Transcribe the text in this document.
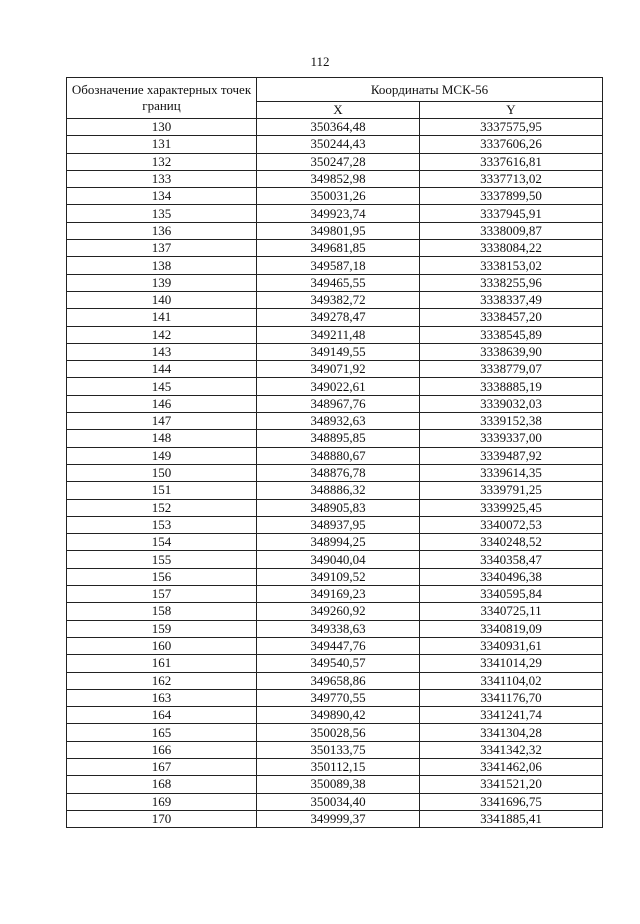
112
Обозначение характерных точек границ	Координаты МСК-56	
	X	Y
130	350364,48	3337575,95
131	350244,43	3337606,26
132	350247,28	3337616,81
133	349852,98	3337713,02
134	350031,26	3337899,50
135	349923,74	3337945,91
136	349801,95	3338009,87
137	349681,85	3338084,22
138	349587,18	3338153,02
139	349465,55	3338255,96
140	349382,72	3338337,49
141	349278,47	3338457,20
142	349211,48	3338545,89
143	349149,55	3338639,90
144	349071,92	3338779,07
145	349022,61	3338885,19
146	348967,76	3339032,03
147	348932,63	3339152,38
148	348895,85	3339337,00
149	348880,67	3339487,92
150	348876,78	3339614,35
151	348886,32	3339791,25
152	348905,83	3339925,45
153	348937,95	3340072,53
154	348994,25	3340248,52
155	349040,04	3340358,47
156	349109,52	3340496,38
157	349169,23	3340595,84
158	349260,92	3340725,11
159	349338,63	3340819,09
160	349447,76	3340931,61
161	349540,57	3341014,29
162	349658,86	3341104,02
163	349770,55	3341176,70
164	349890,42	3341241,74
165	350028,56	3341304,28
166	350133,75	3341342,32
167	350112,15	3341462,06
168	350089,38	3341521,20
169	350034,40	3341696,75
170	349999,37	3341885,41
